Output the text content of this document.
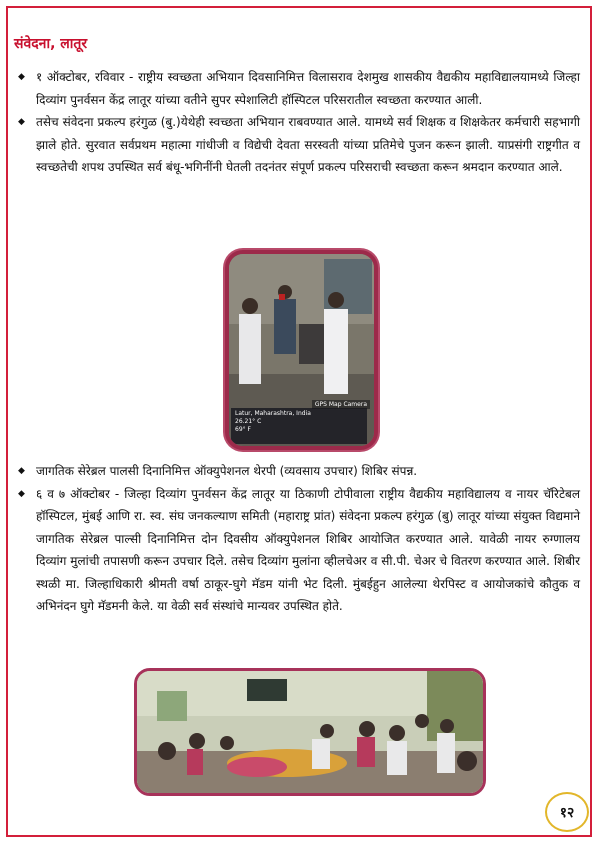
संवेदना, लातूर
◆ १ ऑक्टोबर, रविवार - राष्ट्रीय स्वच्छता अभियान दिवसानिमित्त विलासराव देशमुख शासकीय वैद्यकीय महाविद्यालयामध्ये जिल्हा दिव्यांग पुनर्वसन केंद्र लातूर यांच्या वतीने सुपर स्पेशालिटी हॉस्पिटल परिसरातील स्वच्छता करण्यात आली.
◆ तसेच संवेदना प्रकल्प हरंगुळ (बु.)येथेही स्वच्छता अभियान राबवण्यात आले. यामध्ये सर्व शिक्षक व शिक्षकेतर कर्मचारी सहभागी झाले होते. सुरवात सर्वप्रथम महात्मा गांधीजी व विद्येची देवता सरस्वती यांच्या प्रतिमेचे पुजन करून झाली. याप्रसंगी राष्ट्रगीत व स्वच्छतेची शपथ उपस्थित सर्व बंधू-भगिनींनी घेतली तदनंतर संपूर्ण प्रकल्प परिसराची स्वच्छता करून श्रमदान करण्यात आले.
GPS Map Camera
Latur, Maharashtra, India
26.21° C
69° F
◆ जागतिक सेरेब्रल पालसी दिनानिमित्त ऑक्युपेशनल थेरपी (व्यवसाय उपचार) शिबिर संपन्न.
◆ ६ व ७ ऑक्टोबर - जिल्हा दिव्यांग पुनर्वसन केंद्र लातूर या ठिकाणी टोपीवाला राष्ट्रीय वैद्यकीय महाविद्यालय व नायर चॅरिटेबल हॉस्पिटल, मुंबई आणि रा. स्व. संघ जनकल्याण समिती (महाराष्ट्र प्रांत) संवेदना प्रकल्प हरंगुळ (बु) लातूर यांच्या संयुक्त विद्यमाने जागतिक सेरेब्रल पाल्सी दिनानिमित्त दोन दिवसीय ऑक्युपेशनल शिबिर आयोजित करण्यात आले. यावेळी नायर रुग्णालय दिव्यांग मुलांची तपासणी करून उपचार दिले. तसेच दिव्यांग मुलांना व्हीलचेअर व सी.पी. चेअर चे वितरण करण्यात आले. शिबीर स्थळी मा. जिल्हाधिकारी श्रीमती वर्षा ठाकूर-घुगे मॅडम यांनी भेट दिली. मुंबईहुन आलेल्या थेरपिस्ट व आयोजकांचे कौतुक व अभिनंदन घुगे मॅडमनी केले. या वेळी सर्व संस्थांचे मान्यवर उपस्थित होते.
१२
